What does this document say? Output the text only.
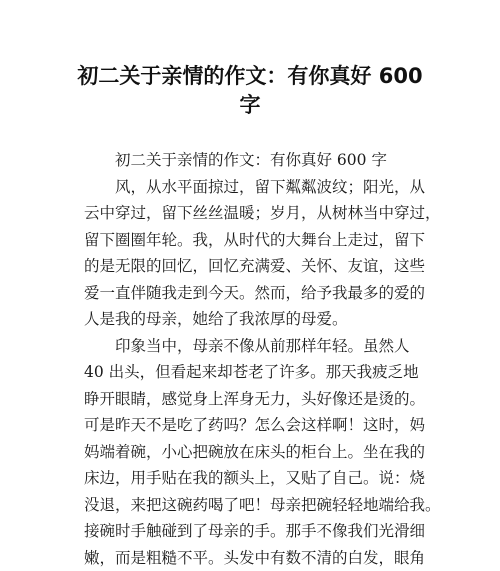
初二关于亲情的作文：有你真好 600
字
　　初二关于亲情的作文：有你真好 600 字
　　风，从水平面掠过，留下粼粼波纹；阳光，从
云中穿过，留下丝丝温暖；岁月，从树林当中穿过，
留下圈圈年轮。我，从时代的大舞台上走过，留下
的是无限的回忆，回忆充满爱、关怀、友谊，这些
爱一直伴随我走到今天。然而，给予我最多的爱的
人是我的母亲，她给了我浓厚的母爱。
　　印象当中，母亲不像从前那样年轻。虽然人
40 出头，但看起来却苍老了许多。那天我疲乏地
睁开眼睛，感觉身上浑身无力，头好像还是烫的。
可是昨天不是吃了药吗？怎么会这样啊！这时，妈
妈端着碗，小心把碗放在床头的柜台上。坐在我的
床边，用手贴在我的额头上，又贴了自己。说：烧
没退，来把这碗药喝了吧！母亲把碗轻轻地端给我。
接碗时手触碰到了母亲的手。那手不像我们光滑细
嫩，而是粗糙不平。头发中有数不清的白发，眼角
